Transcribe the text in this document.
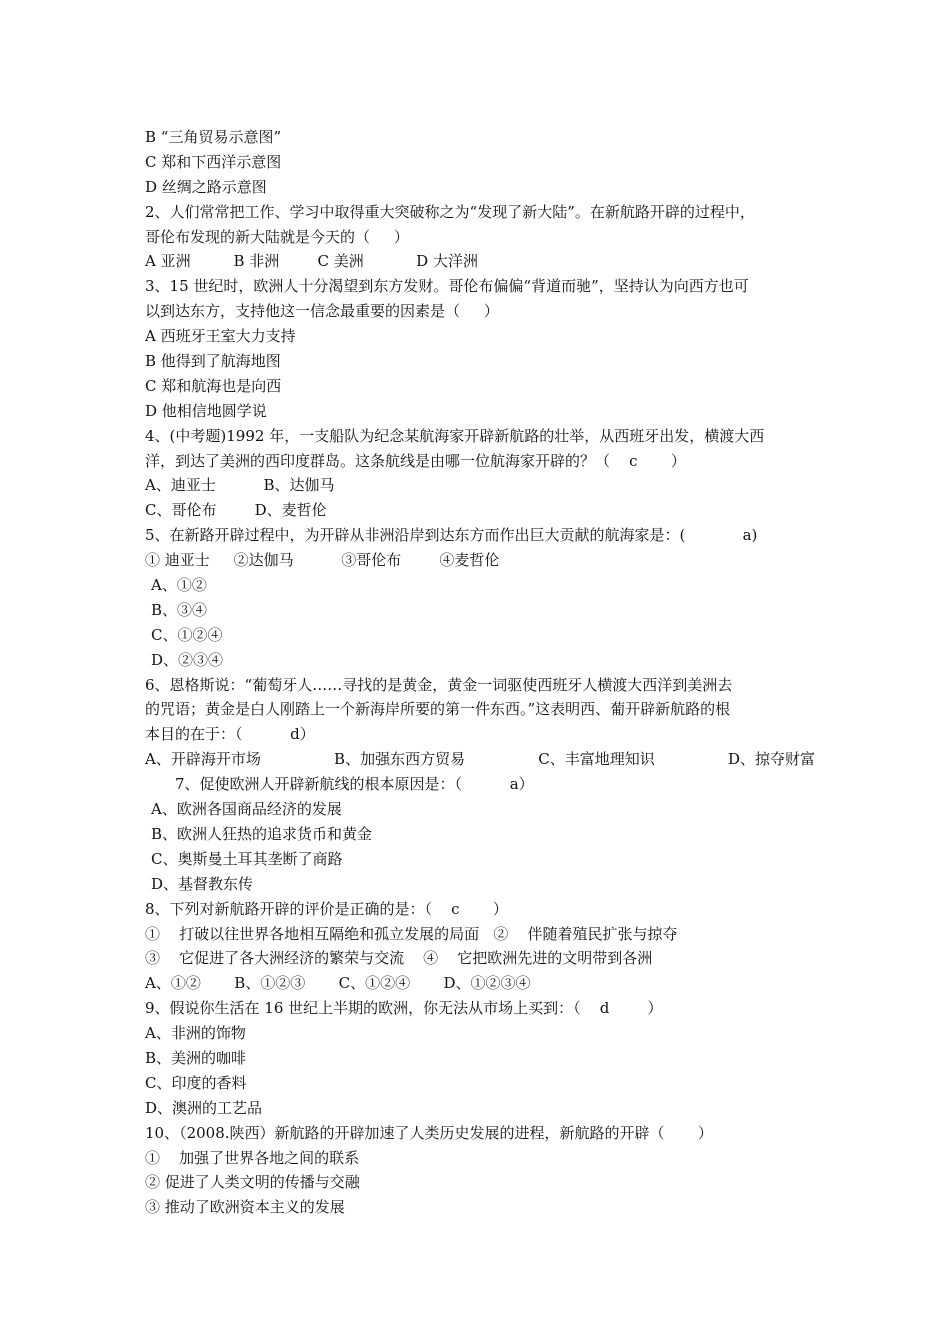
B “三角贸易示意图”
C 郑和下西洋示意图
D 丝绸之路示意图
2、人们常常把工作、学习中取得重大突破称之为“发现了新大陆”。在新航路开辟的过程中，
哥伦布发现的新大陆就是今天的（     ）
A 亚洲         B 非洲        C 美洲           D 大洋洲
3、15 世纪时，欧洲人十分渴望到东方发财。哥伦布偏偏“背道而驰”，坚持认为向西方也可
以到达东方，支持他这一信念最重要的因素是（     ）
A 西班牙王室大力支持
B 他得到了航海地图
C 郑和航海也是向西
D 他相信地圆学说
4、(中考题)1992 年，一支船队为纪念某航海家开辟新航路的壮举，从西班牙出发，横渡大西
洋，到达了美洲的西印度群岛。这条航线是由哪一位航海家开辟的？（    c       ）
A、迪亚士          B、达伽马
C、哥伦布        D、麦哲伦
5、在新路开辟过程中，为开辟从非洲沿岸到达东方而作出巨大贡献的航海家是：(            a)
① 迪亚士     ②达伽马          ③哥伦布        ④麦哲伦
A、①②
B、③④
C、①②④
D、②③④
6、恩格斯说：“葡萄牙人……寻找的是黄金，黄金一词驱使西班牙人横渡大西洋到美洲去
的咒语；黄金是白人刚踏上一个新海岸所要的第一件东西。”这表明西、葡开辟新航路的根
本目的在于：（          d）
A、开辟海开市场	B、加强东西方贸易	C、丰富地理知识	D、掠夺财富
7、促使欧洲人开辟新航线的根本原因是：（          a）
A、欧洲各国商品经济的发展
B、欧洲人狂热的追求货币和黄金
C、奥斯曼土耳其垄断了商路
D、基督教东传
8、下列对新航路开辟的评价是正确的是：（    c       ）
①    打破以往世界各地相互隔绝和孤立发展的局面   ②    伴随着殖民扩张与掠夺
③    它促进了各大洲经济的繁荣与交流    ④    它把欧洲先进的文明带到各洲
A、①②       B、①②③       C、①②④       D、①②③④
9、假说你生活在 16 世纪上半期的欧洲，你无法从市场上买到：（    d        ）
A、非洲的饰物
B、美洲的咖啡
C、印度的香料
D、澳洲的工艺品
10、（2008.陕西）新航路的开辟加速了人类历史发展的进程，新航路的开辟（       ）
①    加强了世界各地之间的联系
② 促进了人类文明的传播与交融
③ 推动了欧洲资本主义的发展
